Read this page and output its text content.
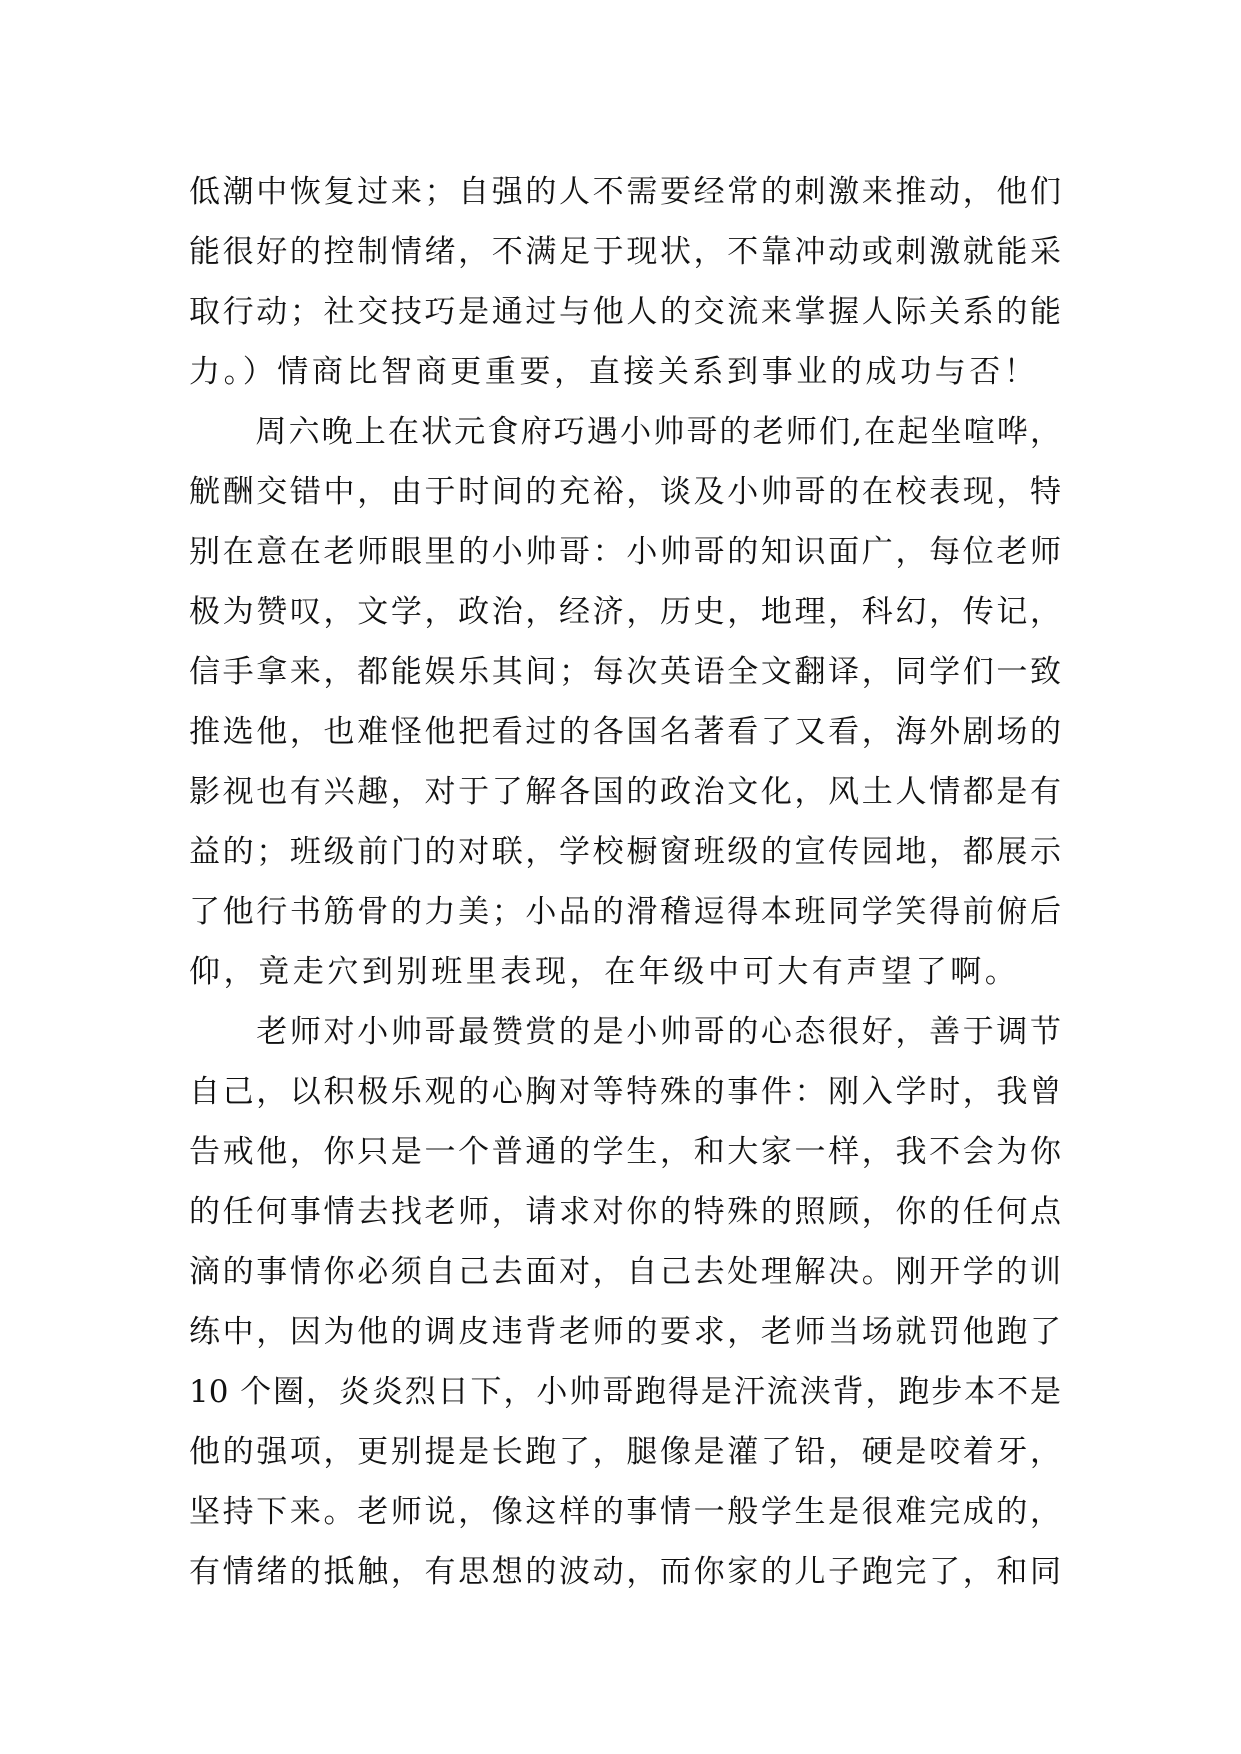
低潮中恢复过来；自强的人不需要经常的刺激来推动，他们
能很好的控制情绪，不满足于现状，不靠冲动或刺激就能采
取行动；社交技巧是通过与他人的交流来掌握人际关系的能
力。）情商比智商更重要，直接关系到事业的成功与否！
　　周六晚上在状元食府巧遇小帅哥的老师们,在起坐喧哗，
觥酬交错中，由于时间的充裕，谈及小帅哥的在校表现，特
别在意在老师眼里的小帅哥：小帅哥的知识面广，每位老师
极为赞叹，文学，政治，经济，历史，地理，科幻，传记，
信手拿来，都能娱乐其间；每次英语全文翻译，同学们一致
推选他，也难怪他把看过的各国名著看了又看，海外剧场的
影视也有兴趣，对于了解各国的政治文化，风土人情都是有
益的；班级前门的对联，学校橱窗班级的宣传园地，都展示
了他行书筋骨的力美；小品的滑稽逗得本班同学笑得前俯后
仰，竟走穴到别班里表现，在年级中可大有声望了啊。
　　老师对小帅哥最赞赏的是小帅哥的心态很好，善于调节
自己，以积极乐观的心胸对等特殊的事件：刚入学时，我曾
告戒他，你只是一个普通的学生，和大家一样，我不会为你
的任何事情去找老师，请求对你的特殊的照顾，你的任何点
滴的事情你必须自己去面对，自己去处理解决。刚开学的训
练中，因为他的调皮违背老师的要求，老师当场就罚他跑了
10 个圈，炎炎烈日下，小帅哥跑得是汗流浃背，跑步本不是
他的强项，更别提是长跑了，腿像是灌了铅，硬是咬着牙，
坚持下来。老师说，像这样的事情一般学生是很难完成的，
有情绪的抵触，有思想的波动，而你家的儿子跑完了，和同
